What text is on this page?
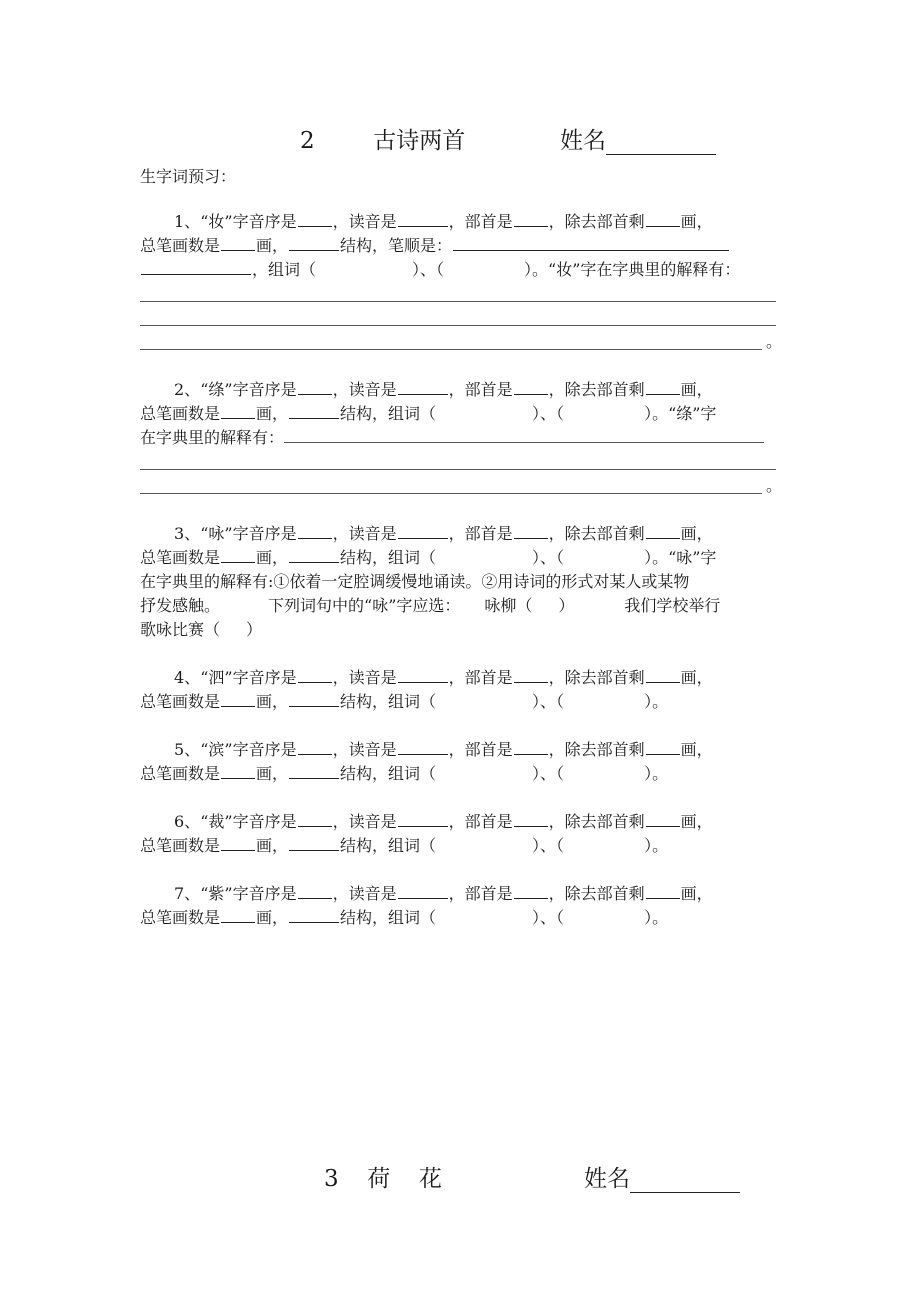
2	古诗两首	姓名
生字词预习：
1、“妆”字音序是 ，读音是	，部首是 ，除去部首剩 画，
总笔画数是 画，	结构，笔顺是：
，组词（	）、（	）。“妆”字在字典里的解释有：
。
2、“绦”字音序是 ，读音是	，部首是 ，除去部首剩 画，
总笔画数是 画，	结构，组词（	）、（	）。“绦”字
在字典里的解释有：
。
3、“咏”字音序是 ，读音是	，部首是 ，除去部首剩 画，
总笔画数是 画，	结构，组词（	）、（	）。“咏”字
在字典里的解释有:①依着一定腔调缓慢地诵读。②用诗词的形式对某人或某物
抒发感触。	下列词句中的“咏”字应选： 咏柳（ ）	我们学校举行
歌咏比赛（ ）
4、“泗”字音序是 ，读音是	，部首是 ，除去部首剩 画，
总笔画数是 画，	结构，组词（	）、（	）。
5、“滨”字音序是 ，读音是	，部首是 ，除去部首剩 画，
总笔画数是 画，	结构，组词（	）、（	）。
6、“裁”字音序是 ，读音是	，部首是 ，除去部首剩 画，
总笔画数是 画，	结构，组词（	）、（	）。
7、“紫”字音序是 ，读音是	，部首是 ，除去部首剩 画，
总笔画数是 画，	结构，组词（	）、（	）。
3 荷 花	姓名
